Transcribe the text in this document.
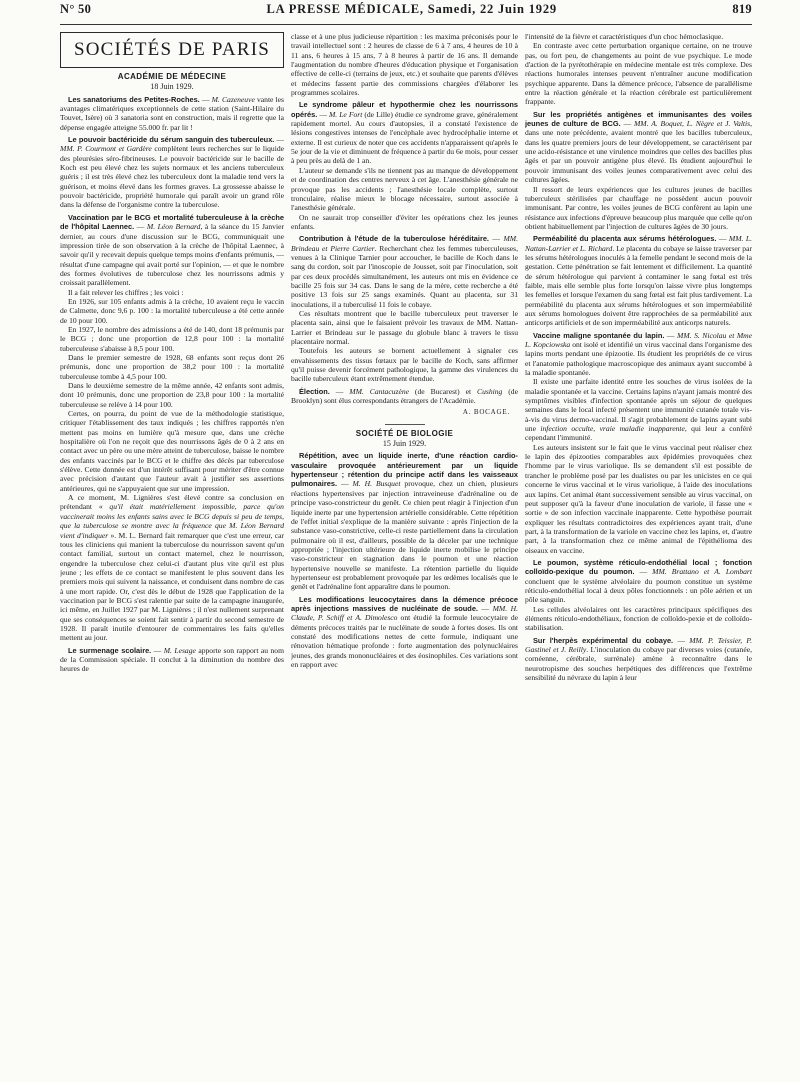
N° 50	LA PRESSE MÉDICALE, Samedi, 22 Juin 1929	819
SOCIÉTÉS DE PARIS
ACADÉMIE DE MÉDECINE
18 Juin 1929.

Les sanatoriums des Petites-Roches. — M. Cazeneuve vante les avantages climatériques exceptionnels de cette station (Saint-Hilaire du Touvet, Isère) où 3 sanatoria sont en construction, mais il regrette que la dépense engagée atteigne 55.000 fr. par lit !

Le pouvoir bactéricide du sérum sanguin des tuberculeux. — MM. P. Courmont et Gardère complètent leurs recherches sur le liquide des pleurésies séro-fibrineuses. Le pouvoir bactéricide sur le bacille de Koch est peu élevé chez les sujets normaux et les anciens tuberculeux guéris ; il est très élevé chez les tuberculeux dont la maladie tend vers la guérison, et moins élevé dans les formes graves. La grossesse abaisse le pouvoir bactéricide, propriété humorale qui paraît avoir un grand rôle dans la défense de l'organisme contre la tuberculose.

Vaccination par le BCG et mortalité tuberculeuse à la crèche de l'hôpital Laennec. — M. Léon Bernard, à la séance du 15 Janvier dernier, au cours d'une discussion sur le BCG, communiquait une impression tirée de son observation à la crèche de l'hôpital Laennec, à savoir qu'il y recevait depuis quelque temps moins d'enfants prémunis, — résultat d'une campagne qui avait porté sur l'opinion, — et que le nombre des formes évolutives de tuberculose chez les nourrissons admis y croissait parallèlement.

Il a fait relever les chiffres ; les voici :

En 1926, sur 105 enfants admis à la crèche, 10 avaient reçu le vaccin de Calmette, donc 9,6 p. 100 : la mortalité tuberculeuse a été cette année de 10 pour 100.

En 1927, le nombre des admissions a été de 140, dont 18 prémunis par le BCG ; donc une proportion de 12,8 pour 100 : la mortalité tuberculeuse s'abaisse à 8,5 pour 100.

Dans le premier semestre de 1928, 68 enfants sont reçus dont 26 prémunis, donc une proportion de 38,2 pour 100 : la mortalité tuberculeuse tombe à 4,5 pour 100.

Dans le deuxième semestre de la même année, 42 enfants sont admis, dont 10 prémunis, donc une proportion de 23,8 pour 100 : la mortalité tuberculeuse se relève à 14 pour 100.

Certes, on pourra, du point de vue de la méthodologie statistique, critiquer l'établissement des taux indiqués ; les chiffres rapportés n'en mettent pas moins en lumière qu'à mesure que, dans une crèche hospitalière où l'on ne reçoit que des nourrissons âgés de 0 à 2 ans en contact avec un père ou une mère atteint de tuberculose, baisse le nombre des enfants vaccinés par le BCG et le chiffre des décès par tuberculose s'élève. Cette donnée est d'un intérêt suffisant pour mériter d'être connue avec précision d'autant que l'auteur avait à justifier ses assertions antérieures, qui ne s'appuyaient que sur une impression.

A ce moment, M. Lignières s'est élevé contre sa conclusion en prétendant « qu'il était matériellement impossible, parce qu'on vaccinerait moins les enfants sains avec le BCG depuis si peu de temps, que la tuberculose se montre avec la fréquence que M. Léon Bernard vient d'indiquer ». M. L. Bernard fait remarquer que c'est une erreur, car tous les cliniciens qui manient la tuberculose du nourrisson savent qu'un contact familial, surtout un contact maternel, chez le nourrisson, engendre la tuberculose chez celui-ci d'autant plus vite qu'il est plus jeune ; les effets de ce contact se manifestent le plus souvent dans les premiers mois qui suivent la naissance, et conduisent dans nombre de cas à une mort rapide. Or, c'est dès le début de 1928 que l'application de la vaccination par le BCG s'est ralentie par suite de la campagne inaugurée, ici même, en Juillet 1927 par M. Lignières ; il n'est nullement surprenant que ses conséquences se soient fait sentir à partir du second semestre de 1928. Il paraît inutile d'entourer de commentaires les faits qu'elles mettent au jour.

Le surmenage scolaire. — M. Lesage apporte son rapport au nom de la Commission spéciale. Il conclut à la diminution du nombre des heures de

classe et à une plus judicieuse répartition : les maxima préconisés pour le travail intellectuel sont : 2 heures de classe de 6 à 7 ans, 4 heures de 10 à 11 ans, 6 heures à 15 ans, 7 à 8 heures à partir de 16 ans. Il demande l'augmentation du nombre d'heures d'éducation physique et l'organisation effective de celle-ci (terrains de jeux, etc.) et souhaite que parents d'élèves et médecins fassent partie des commissions chargées d'élaborer les programmes scolaires.

Le syndrome pâleur et hypothermie chez les nourrissons opérés. — M. Le Fort (de Lille) étudie ce syndrome grave, généralement rapidement mortel. Au cours d'autopsies, il a constaté l'existence de lésions congestives intenses de l'encéphale avec hydrocéphalie interne et externe. Il est curieux de noter que ces accidents n'apparaissent qu'après le 5e jour de la vie et diminuent de fréquence à partir du 6e mois, pour cesser à peu près au delà de 1 an.

L'auteur se demande s'ils ne tiennent pas au manque de développement et de coordination des centres nerveux à cet âge. L'anesthésie générale ne provoque pas les accidents ; l'anesthésie locale complète, surtout tronculaire, réalise mieux le blocage nécessaire, surtout associée à l'anesthésie générale.

On ne saurait trop conseiller d'éviter les opérations chez les jeunes enfants.

Contribution à l'étude de la tuberculose héréditaire. — MM. Brindeau et Pierre Cartier. Recherchant chez les femmes tuberculeuses, venues à la Clinique Tarnier pour accoucher, le bacille de Koch dans le sang du cordon, soit par l'inoscopie de Jousset, soit par l'inoculation, soit par ces deux procédés simultanément, les auteurs ont mis en évidence ce bacille 25 fois sur 34 cas. Dans le sang de la mère, cette recherche a été positive 13 fois sur 25 sangs examinés. Quant au placenta, sur 31 inoculations, il a tuberculisé 11 fois le cobaye.

Ces résultats montrent que le bacille tuberculeux peut traverser le placenta sain, ainsi que le faisaient prévoir les travaux de MM. Nattan-Larrier et Brindeau sur le passage du globule blanc à travers le tissu placentaire normal.

Toutefois les auteurs se bornent actuellement à signaler ces envahissements des tissus fœtaux par le bacille de Koch, sans affirmer qu'il puisse devenir forcément pathologique, la gamme des virulences du bacille tuberculeux étant extrêmement étendue.

Élection. — MM. Cantacuzène (de Bucarest) et Cushing (de Brooklyn) sont élus correspondants étrangers de l'Académie.

A. BOCAGE.
SOCIÉTÉ DE BIOLOGIE
15 Juin 1929.

Répétition, avec un liquide inerte, d'une réaction cardio-vasculaire provoquée antérieurement par un liquide hypertenseur ; rétention du principe actif dans les vaisseaux pulmonaires. — M. H. Busquet provoque, chez un chien, plusieurs réactions hypertensives par injection intraveineuse d'adrénaline ou de principe vaso-constricteur du genêt. Ce chien peut réagir à l'injection d'un liquide inerte par une hypertension artérielle considérable. Cette répétition de l'effet initial s'explique de la manière suivante : après l'injection de la substance vaso-constrictive, celle-ci reste partiellement dans la circulation pulmonaire où il est, d'ailleurs, possible de la déceler par une technique appropriée ; l'injection ultérieure de liquide inerte mobilise le principe vaso-constricteur en stagnation dans le poumon et une réaction hypertensive nouvelle se manifeste. La rétention partielle du liquide hypertenseur est probablement provoquée par les œdèmes localisés que le genêt et l'adrénaline font apparaître dans le poumon.

Les modifications leucocytaires dans la démence précoce après injections massives de nucléinate de soude. — MM. H. Claude, P. Schiff et A. Dimolesco ont étudié la formule leucocytaire de déments précoces traités par le nucléinate de soude à fortes doses. Ils ont constaté des modifications nettes de cette formule, indiquant une rénovation hématique profonde : forte augmentation des polynucléaires jeunes, des grands mononucléaires et des éosinophiles. Ces variations sont en rapport avec

l'intensité de la fièvre et caractéristiques d'un choc hémoclasique.

En contraste avec cette perturbation organique certaine, on ne trouve pas, ou fort peu, de changements au point de vue psychique. Le mode d'action de la pyrétothérapie en médecine mentale est très complexe. Des réactions humorales intenses peuvent n'entraîner aucune modification psychique apparente. Dans la démence précoce, l'absence de parallélisme entre la réaction générale et la réaction cérébrale est particulièrement frappante.

Sur les propriétés antigènes et immunisantes des voiles jeunes de culture de BCG. — MM. A. Boquet, L. Nègre et J. Valtis, dans une note précédente, avaient montré que les bacilles tuberculeux, dans les quatre premiers jours de leur développement, se caractérisent par une acido-résistance et une virulence moindres que celles des bacilles plus âgés et par un pouvoir antigène plus élevé. Ils étudient aujourd'hui le pouvoir immunisant des voiles jeunes comparativement avec celui des cultures âgées.

Il ressort de leurs expériences que les cultures jeunes de bacilles tuberculeux stérilisées par chauffage ne possèdent aucun pouvoir immunisant. Par contre, les voiles jeunes de BCG confèrent au lapin une résistance aux infections d'épreuve beaucoup plus marquée que celle qu'on obtient habituellement par l'injection de cultures âgées de 30 jours.

Perméabilité du placenta aux sérums hétérologues. — MM. L. Nattan-Larrier et L. Richard. Le placenta du cobaye se laisse traverser par les sérums hétérologues inoculés à la femelle pendant le second mois de la gestation. Cette pénétration se fait lentement et difficilement. La quantité de sérum hétérologue qui parvient à contaminer le sang fœtal est très faible, mais elle semble plus forte lorsqu'on laisse vivre plus longtemps les femelles et lorsque l'examen du sang fœtal est fait plus tardivement. La perméabilité du placenta aux sérums hétérologues et son imperméabilité aux sérums homologues doivent être rapprochées de sa perméabilité aux anticorps artificiels et de son imperméabilité aux anticorps naturels.

Vaccine maligne spontanée du lapin. — MM. S. Nicolau et Mme L. Kopciowska ont isolé et identifié un virus vaccinal dans l'organisme des lapins morts pendant une épizootie. Ils étudient les propriétés de ce virus et l'anatomie pathologique macroscopique des animaux ayant succombé à la maladie spontanée.

Il existe une parfaite identité entre les souches de virus isolées de la maladie spontanée et la vaccine. Certains lapins n'ayant jamais montré des symptômes visibles d'infection spontanée après un séjour de quelques semaines dans le local infecté présentent une immunité cutanée totale vis-à-vis du virus dermo-vaccinal. Il s'agit probablement de lapins ayant subi une infection occulte, vraie maladie inapparente, qui leur a conféré cependant l'immunité.

Les auteurs insistent sur le fait que le virus vaccinal peut réaliser chez le lapin des épizooties comparables aux épidémies provoquées chez l'homme par le virus variolique. Ils se demandent s'il est possible de trancher le problème posé par les dualistes ou par les unicistes en ce qui concerne le virus vaccinal et le virus variolique, à l'aide des inoculations aux lapins. Cet animal étant successivement sensible au virus vaccinal, on peut supposer qu'à la faveur d'une inoculation de variole, il fasse une « sortie » de son infection vaccinale inapparente. Cette hypothèse pourrait expliquer les résultats contradictoires des expériences ayant trait, d'une part, à la transformation de la variole en vaccine chez les lapins, et, d'autre part, à la transformation chez ce même animal de l'épithélioma des oiseaux en vaccine.

Le poumon, système réticulo-endothélial local ; fonction colloïdo-pexique du poumon. — MM. Brattano et A. Lombart concluent que le système alvéolaire du poumon constitue un système réticulo-endothélial local à deux pôles fonctionnels : un pôle aérien et un pôle sanguin.

Les cellules alvéolaires ont les caractères principaux spécifiques des éléments réticulo-endothéliaux, fonction de colloïdo-pexie et de colloïdo-stabilisation.

Sur l'herpès expérimental du cobaye. — MM. P. Teissier, P. Gastinel et J. Reilly. L'inoculation du cobaye par diverses voies (cutanée, cornéenne, cérébrale, surrénale) amène à reconnaître dans le neurotropisme des souches herpétiques des différences que l'extrême sensibilité du névraxe du lapin à leur
